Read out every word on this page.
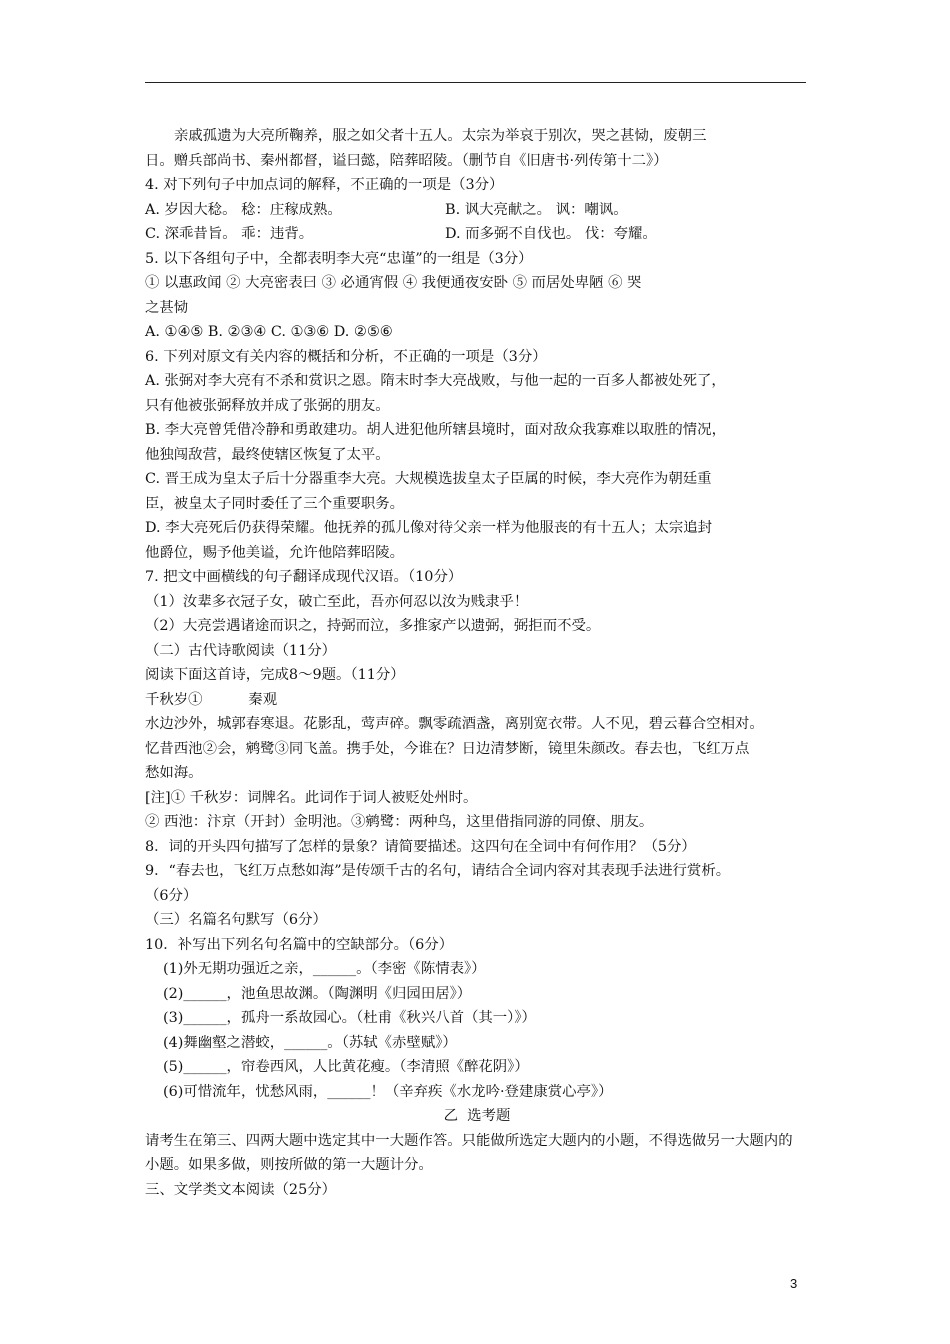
亲戚孤遗为大亮所鞠养，服之如父者十五人。太宗为举哀于别次，哭之甚恸，废朝三
日。赠兵部尚书、秦州都督，谥曰懿，陪葬昭陵。（删节自《旧唐书·列传第十二》）
4. 对下列句子中加点词的解释，不正确的一项是（3分）
A. 岁因大稔。 稔：庄稼成熟。	B. 讽大亮献之。 讽：嘲讽。
C. 深乖昔旨。 乖：违背。	D. 而多弼不自伐也。 伐：夸耀。
5. 以下各组句子中，全都表明李大亮“忠谨”的一组是（3分）
① 以惠政闻 ② 大亮密表曰 ③ 必通宵假 ④ 我便通夜安卧 ⑤ 而居处卑陋 ⑥ 哭
之甚恸
A. ①④⑤ B. ②③④ C. ①③⑥ D. ②⑤⑥
6. 下列对原文有关内容的概括和分析，不正确的一项是（3分）
A. 张弼对李大亮有不杀和赏识之恩。隋末时李大亮战败，与他一起的一百多人都被处死了，
只有他被张弼释放并成了张弼的朋友。
B. 李大亮曾凭借冷静和勇敢建功。胡人进犯他所辖县境时，面对敌众我寡难以取胜的情况，
他独闯敌营，最终使辖区恢复了太平。
C. 晋王成为皇太子后十分器重李大亮。大规模选拔皇太子臣属的时候，李大亮作为朝廷重
臣，被皇太子同时委任了三个重要职务。
D. 李大亮死后仍获得荣耀。他抚养的孤儿像对待父亲一样为他服丧的有十五人；太宗追封
他爵位，赐予他美谥，允许他陪葬昭陵。
7. 把文中画横线的句子翻译成现代汉语。（10分）
（1）汝辈多衣冠子女，破亡至此，吾亦何忍以汝为贱隶乎！
（2）大亮尝遇诸途而识之，持弼而泣，多推家产以遗弼，弼拒而不受。
（二）古代诗歌阅读（11分）
阅读下面这首诗，完成8～9题。（11分）
千秋岁①          秦观
水边沙外，城郭春寒退。花影乱，莺声碎。飘零疏酒盏，离别宽衣带。人不见，碧云暮合空相对。
忆昔西池②会，鹓鹭③同飞盖。携手处，今谁在？日边清梦断，镜里朱颜改。春去也，飞红万点
愁如海。
[注]① 千秋岁：词牌名。此词作于词人被贬处州时。
② 西池：汴京（开封）金明池。③鹓鹭：两种鸟，这里借指同游的同僚、朋友。
8．词的开头四句描写了怎样的景象？请简要描述。这四句在全词中有何作用？（5分）
9．“春去也，飞红万点愁如海”是传颂千古的名句，请结合全词内容对其表现手法进行赏析。
（6分）
（三）名篇名句默写（6分）
10．补写出下列名句名篇中的空缺部分。（6分）
(1)外无期功强近之亲，______。（李密《陈情表》）
(2)______，池鱼思故渊。（陶渊明《归园田居》）
(3)______，孤舟一系故园心。（杜甫《秋兴八首（其一）》）
(4)舞幽壑之潜蛟，______。（苏轼《赤壁赋》）
(5)______，帘卷西风，人比黄花瘦。（李清照《醉花阴》）
(6)可惜流年，忧愁风雨，______！（辛弃疾《水龙吟·登建康赏心亭》）
乙  选考题
请考生在第三、四两大题中选定其中一大题作答。只能做所选定大题内的小题，不得选做另一大题内的
小题。如果多做，则按所做的第一大题计分。
三、文学类文本阅读（25分）
3
